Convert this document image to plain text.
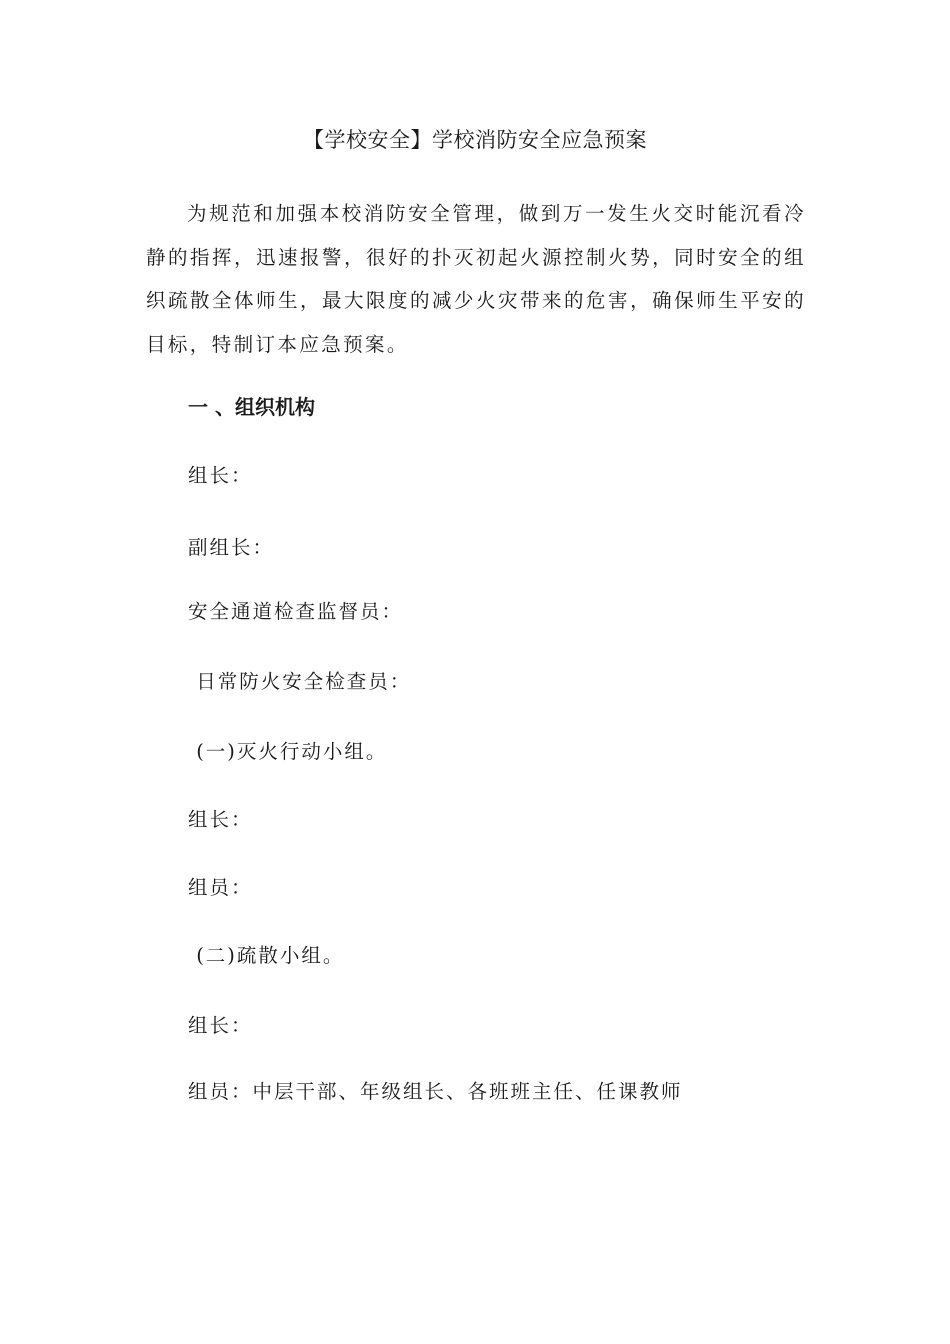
【学校安全】学校消防安全应急预案

为规范和加强本校消防安全管理，做到万一发生火交时能沉看冷静的指挥，迅速报警，很好的扑灭初起火源控制火势，同时安全的组织疏散全体师生，最大限度的减少火灾带来的危害，确保师生平安的目标，特制订本应急预案。

一 、组织机构
组长：
副组长：
安全通道检查监督员：
日常防火安全检查员：
(一)灭火行动小组。
组长：
组员：
(二)疏散小组。
组长：
组员：中层干部、年级组长、各班班主任、任课教师
